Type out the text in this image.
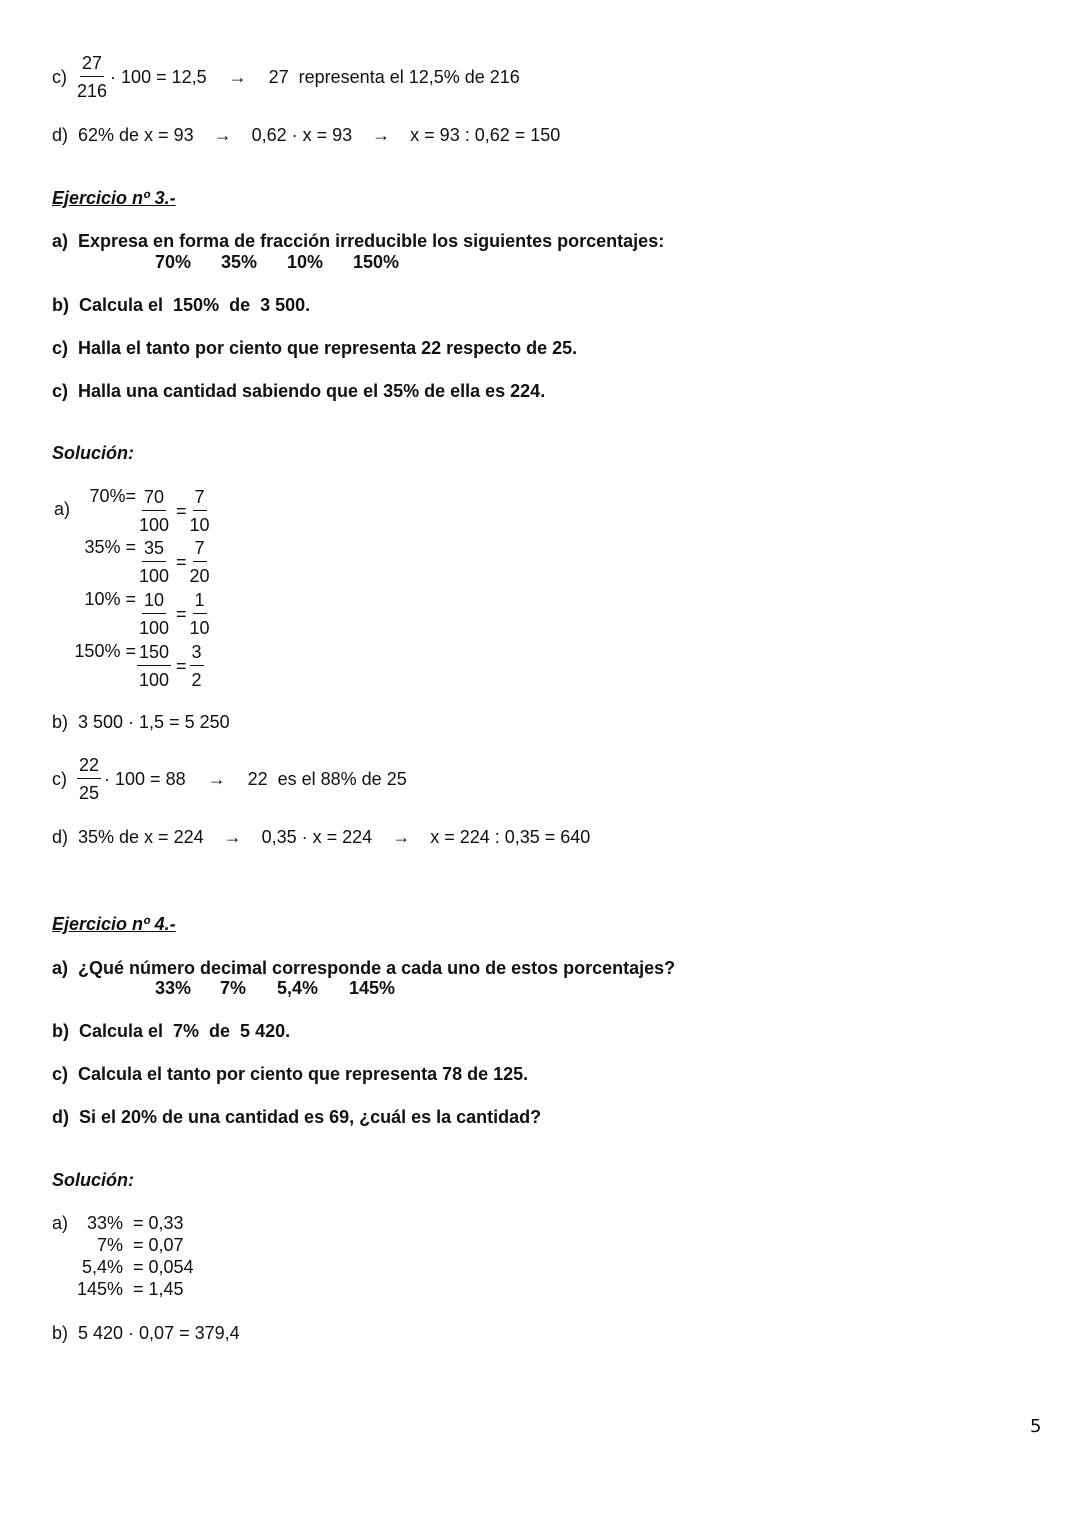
$c) \frac{27}{216} \cdot 100 = 12,5 \to 27$  representa el 12,5% de 216
d)  62% de x = 93    →    0,62 · x = 93    →    x = 93 : 0,62 = 150
Ejercicio nº 3.-
a)  Expresa en forma de fracción irreducible los siguientes porcentajes:
70% 35% 10% 150%
b)  Calcula el  150%  de  3 500.
c)  Halla el tanto por ciento que representa 22 respecto de 25.
c)  Halla una cantidad sabiendo que el 35% de ella es 224.
Solución:
a)
$70\% = \frac{70}{100} = \frac{7}{10}$
35%
= $\frac{35}{100} = \frac{7}{20}$
10%
= $\frac{10}{100} = \frac{1}{10}$
150%
= $\frac{150}{100} = \frac{3}{2}$
b)  3 500 · 1,5 = 5 250
$c) \frac{22}{25} \cdot 100 = 88 \to 22$  es el 88% de 25
d)  35% de x = 224    →    0,35 · x = 224    →    x = 224 : 0,35 = 640
Ejercicio nº 4.-
a)  ¿Qué número decimal corresponde a cada uno de estos porcentajes?
33% 7% 5,4% 145%
b)  Calcula el  7%  de  5 420.
c)  Calcula el tanto por ciento que representa 78 de 125.
d)  Si el 20% de una cantidad es 69, ¿cuál es la cantidad?
Solución:
a) 33% = 0,33
7% = 0,07
5,4% = 0,054
145% = 1,45
b)  5 420 · 0,07 = 379,4
5
